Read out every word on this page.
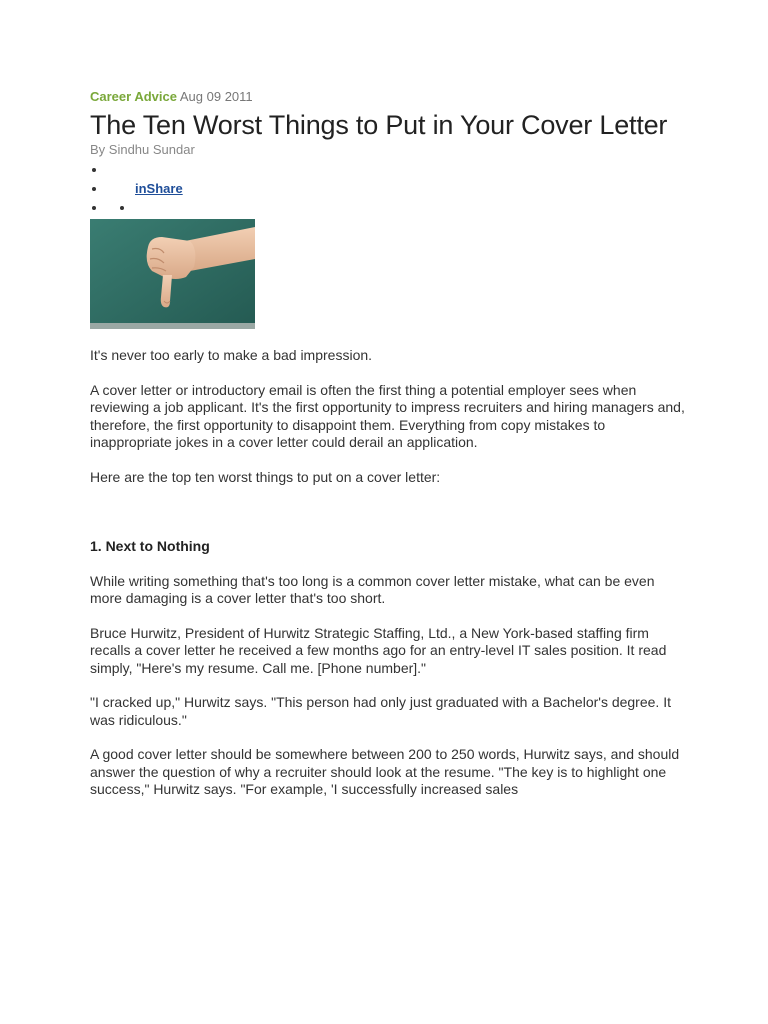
Career Advice Aug 09 2011
The Ten Worst Things to Put in Your Cover Letter
By Sindhu Sundar
•
• inShare
•
•
•

It's never too early to make a bad impression.

A cover letter or introductory email is often the first thing a potential employer sees when reviewing a job applicant. It's the first opportunity to impress recruiters and hiring managers and, therefore, the first opportunity to disappoint them. Everything from copy mistakes to inappropriate jokes in a cover letter could derail an application.

Here are the top ten worst things to put on a cover letter:

1. Next to Nothing

While writing something that's too long is a common cover letter mistake, what can be even more damaging is a cover letter that's too short.

Bruce Hurwitz, President of Hurwitz Strategic Staffing, Ltd., a New York-based staffing firm recalls a cover letter he received a few months ago for an entry-level IT sales position. It read simply, "Here's my resume. Call me. [Phone number]."

"I cracked up," Hurwitz says. "This person had only just graduated with a Bachelor's degree. It was ridiculous."

A good cover letter should be somewhere between 200 to 250 words, Hurwitz says, and should answer the question of why a recruiter should look at the resume. "The key is to highlight one success," Hurwitz says. "For example, 'I successfully increased sales
